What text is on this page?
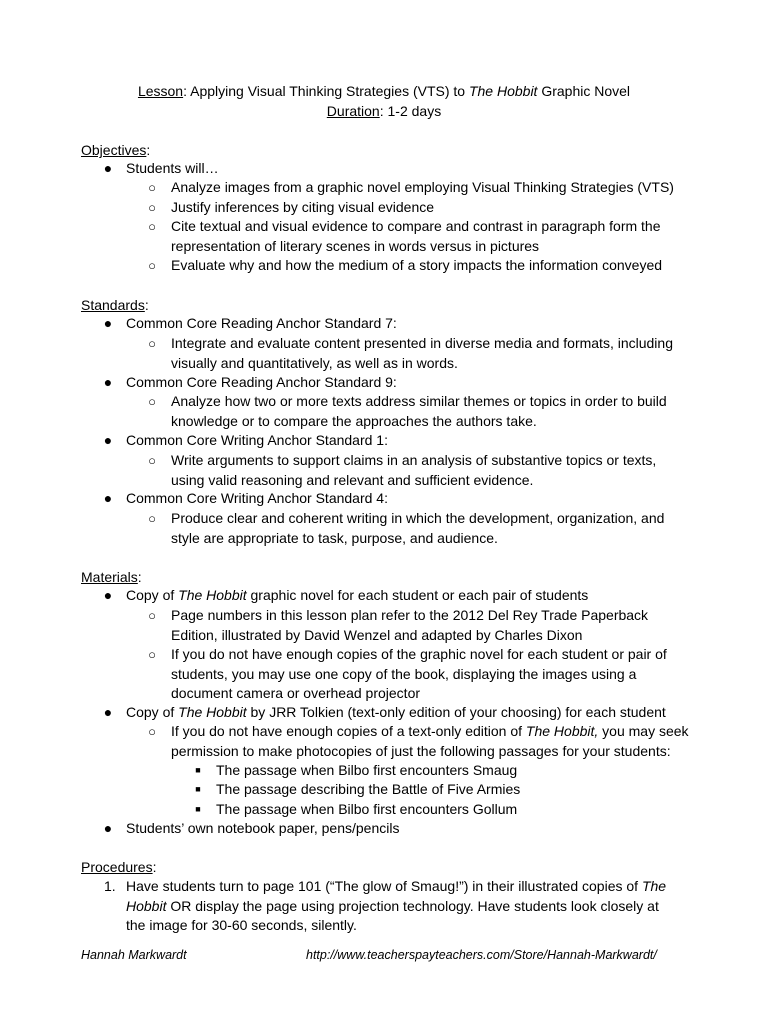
Lesson: Applying Visual Thinking Strategies (VTS) to The Hobbit Graphic Novel
Duration: 1-2 days
Objectives:
● Students will…
○ Analyze images from a graphic novel employing Visual Thinking Strategies (VTS)
○ Justify inferences by citing visual evidence
○ Cite textual and visual evidence to compare and contrast in paragraph form the representation of literary scenes in words versus in pictures
○ Evaluate why and how the medium of a story impacts the information conveyed
Standards:
● Common Core Reading Anchor Standard 7:
○ Integrate and evaluate content presented in diverse media and formats, including visually and quantitatively, as well as in words.
● Common Core Reading Anchor Standard 9:
○ Analyze how two or more texts address similar themes or topics in order to build knowledge or to compare the approaches the authors take.
● Common Core Writing Anchor Standard 1:
○ Write arguments to support claims in an analysis of substantive topics or texts, using valid reasoning and relevant and sufficient evidence.
● Common Core Writing Anchor Standard 4:
○ Produce clear and coherent writing in which the development, organization, and style are appropriate to task, purpose, and audience.
Materials:
● Copy of The Hobbit graphic novel for each student or each pair of students
○ Page numbers in this lesson plan refer to the 2012 Del Rey Trade Paperback Edition, illustrated by David Wenzel and adapted by Charles Dixon
○ If you do not have enough copies of the graphic novel for each student or pair of students, you may use one copy of the book, displaying the images using a document camera or overhead projector
● Copy of The Hobbit by JRR Tolkien (text-only edition of your choosing) for each student
○ If you do not have enough copies of a text-only edition of The Hobbit, you may seek permission to make photocopies of just the following passages for your students:
■ The passage when Bilbo first encounters Smaug
■ The passage describing the Battle of Five Armies
■ The passage when Bilbo first encounters Gollum
● Students’ own notebook paper, pens/pencils
Procedures:
1. Have students turn to page 101 (“The glow of Smaug!”) in their illustrated copies of The Hobbit OR display the page using projection technology. Have students look closely at the image for 30-60 seconds, silently.
Hannah Markwardt	http://www.teacherspayteachers.com/Store/Hannah-Markwardt/
